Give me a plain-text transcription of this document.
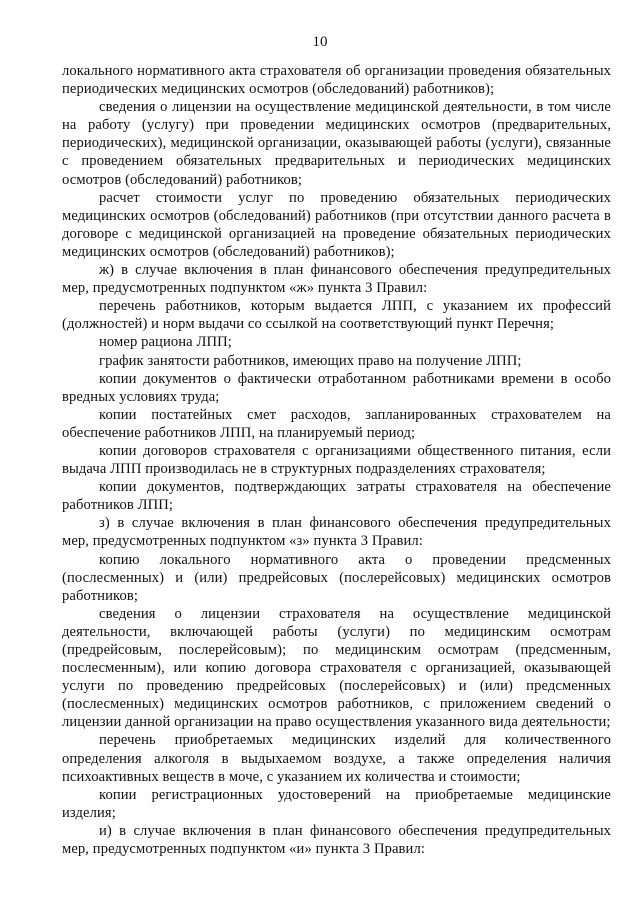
10

локального нормативного акта страхователя об организации проведения обязательных периодических медицинских осмотров (обследований) работников);

сведения о лицензии на осуществление медицинской деятельности, в том числе на работу (услугу) при проведении медицинских осмотров (предварительных, периодических), медицинской организации, оказывающей работы (услуги), связанные с проведением обязательных предварительных и периодических медицинских осмотров (обследований) работников;

расчет стоимости услуг по проведению обязательных периодических медицинских осмотров (обследований) работников (при отсутствии данного расчета в договоре с медицинской организацией на проведение обязательных периодических медицинских осмотров (обследований) работников);

ж) в случае включения в план финансового обеспечения предупредительных мер, предусмотренных подпунктом «ж» пункта 3 Правил:

перечень работников, которым выдается ЛПП, с указанием их профессий (должностей) и норм выдачи со ссылкой на соответствующий пункт Перечня;

номер рациона ЛПП;

график занятости работников, имеющих право на получение ЛПП;

копии документов о фактически отработанном работниками времени в особо вредных условиях труда;

копии постатейных смет расходов, запланированных страхователем на обеспечение работников ЛПП, на планируемый период;

копии договоров страхователя с организациями общественного питания, если выдача ЛПП производилась не в структурных подразделениях страхователя;

копии документов, подтверждающих затраты страхователя на обеспечение работников ЛПП;

з) в случае включения в план финансового обеспечения предупредительных мер, предусмотренных подпунктом «з» пункта 3 Правил:

копию локального нормативного акта о проведении предсменных (послесменных) и (или) предрейсовых (послерейсовых) медицинских осмотров работников;

сведения о лицензии страхователя на осуществление медицинской деятельности, включающей работы (услуги) по медицинским осмотрам (предрейсовым, послерейсовым); по медицинским осмотрам (предсменным, послесменным), или копию договора страхователя с организацией, оказывающей услуги по проведению предрейсовых (послерейсовых) и (или) предсменных (послесменных) медицинских осмотров работников, с приложением сведений о лицензии данной организации на право осуществления указанного вида деятельности;

перечень приобретаемых медицинских изделий для количественного определения алкоголя в выдыхаемом воздухе, а также определения наличия психоактивных веществ в моче, с указанием их количества и стоимости;

копии регистрационных удостоверений на приобретаемые медицинские изделия;

и) в случае включения в план финансового обеспечения предупредительных мер, предусмотренных подпунктом «и» пункта 3 Правил:
